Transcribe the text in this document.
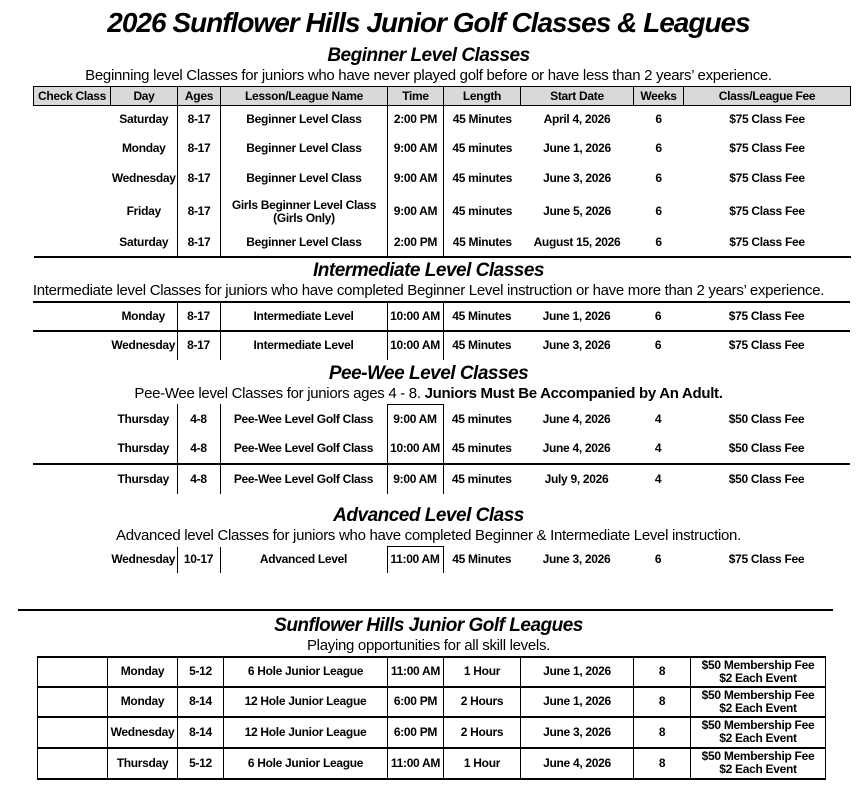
2026 Sunflower Hills Junior Golf Classes & Leagues
Beginner Level Classes
Beginning level Classes for juniors who have never played golf before or have less than 2 years’ experience.
Check Class	Day	Ages	Lesson/League Name	Time	Length	Start Date	Weeks	Class/League Fee
	Saturday	8-17	Beginner Level Class	2:00 PM	45 Minutes	April 4, 2026	6	$75 Class Fee
	Monday	8-17	Beginner Level Class	9:00 AM	45 minutes	June 1, 2026	6	$75 Class Fee
	Wednesday	8-17	Beginner Level Class	9:00 AM	45 minutes	June 3, 2026	6	$75 Class Fee
	Friday	8-17	Girls Beginner Level Class
(Girls Only)	9:00 AM	45 minutes	June 5, 2026	6	$75 Class Fee
	Saturday	8-17	Beginner Level Class	2:00 PM	45 Minutes	August 15, 2026	6	$75 Class Fee
Intermediate Level Classes
Intermediate level Classes for juniors who have completed Beginner Level instruction or have more than 2 years’ experience.
	Monday	8-17	Intermediate Level	10:00 AM	45 Minutes	June 1, 2026	6	$75 Class Fee
	Wednesday	8-17	Intermediate Level	10:00 AM	45 Minutes	June 3, 2026	6	$75 Class Fee
Pee-Wee Level Classes
Pee-Wee level Classes for juniors ages 4 - 8. Juniors Must Be Accompanied by An Adult.
	Thursday	4-8	Pee-Wee Level Golf Class	9:00 AM	45 minutes	June 4, 2026	4	$50 Class Fee
	Thursday	4-8	Pee-Wee Level Golf Class	10:00 AM	45 minutes	June 4, 2026	4	$50 Class Fee
	Thursday	4-8	Pee-Wee Level Golf Class	9:00 AM	45 minutes	July 9, 2026	4	$50 Class Fee
Advanced Level Class
Advanced level Classes for juniors who have completed Beginner & Intermediate Level instruction.
	Wednesday	10-17	Advanced Level	11:00 AM	45 Minutes	June 3, 2026	6	$75 Class Fee
Sunflower Hills Junior Golf Leagues
Playing opportunities for all skill levels.
	Monday	5-12	6 Hole Junior League	11:00 AM	1 Hour	June 1, 2026	8	$50 Membership Fee
$2 Each Event

	Monday	8-14	12 Hole Junior League	6:00 PM	2 Hours	June 1, 2026	8	$50 Membership Fee
$2 Each Event

	Wednesday	8-14	12 Hole Junior League	6:00 PM	2 Hours	June 3, 2026	8	$50 Membership Fee
$2 Each Event

	Thursday	5-12	6 Hole Junior League	11:00 AM	1 Hour	June 4, 2026	8	$50 Membership Fee
$2 Each Event
